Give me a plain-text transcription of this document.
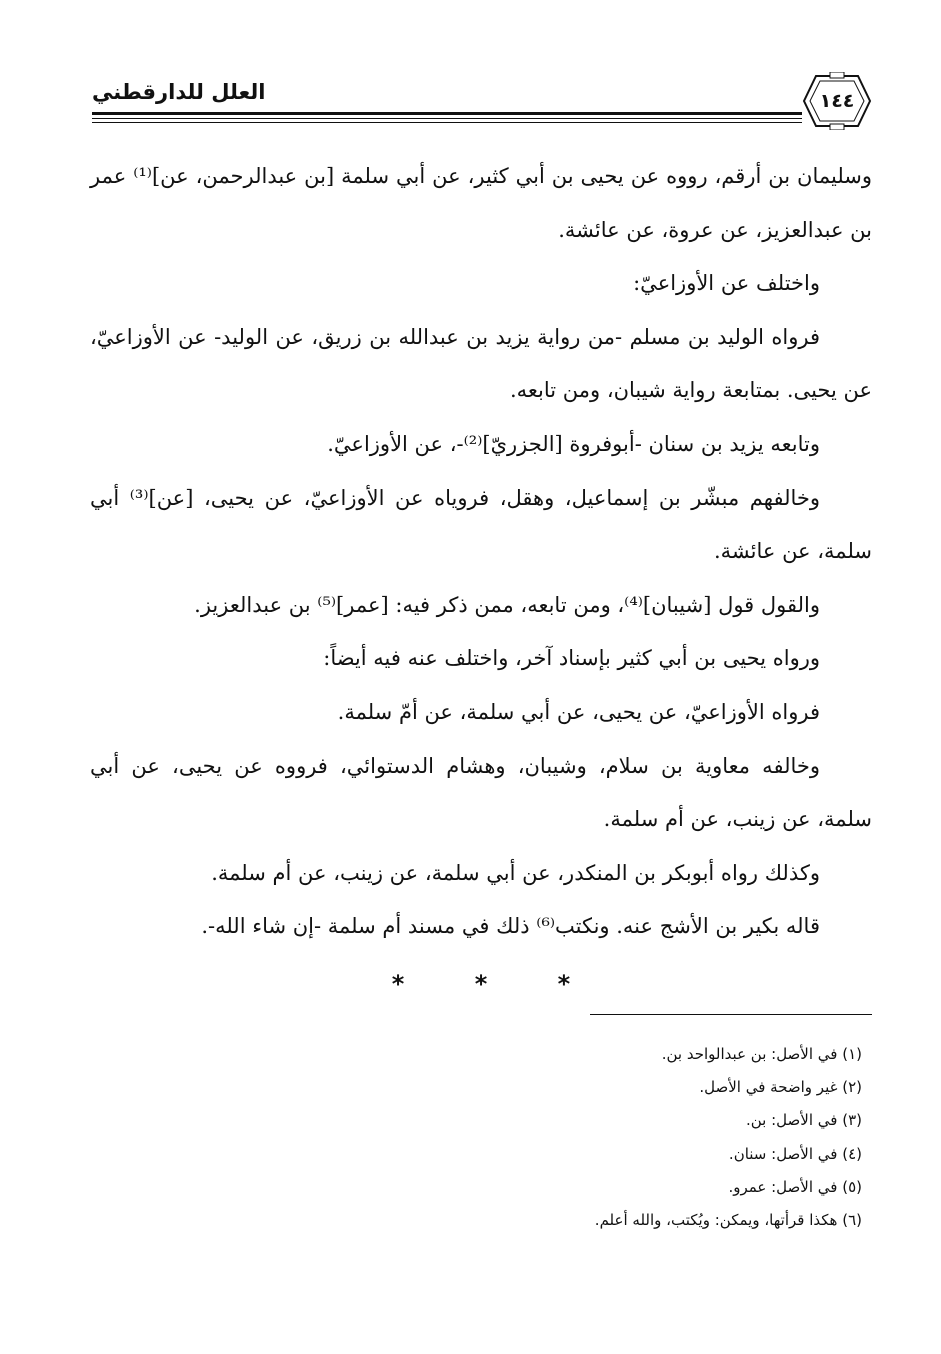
١٤٤
العلل للدارقطني

وسليمان بن أرقم، رووه عن يحيى بن أبي كثير، عن أبي سلمة [بن عبدالرحمن، عن]⁽¹⁾ عمر بن عبدالعزيز، عن عروة، عن عائشة.

واختلف عن الأوزاعيّ:

فرواه الوليد بن مسلم -من رواية يزيد بن عبدالله بن زريق، عن الوليد- عن الأوزاعيّ، عن يحيى. بمتابعة رواية شيبان، ومن تابعه.

وتابعه يزيد بن سنان -أبوفروة [الجزريّ]⁽²⁾-، عن الأوزاعيّ.

وخالفهم مبشّر بن إسماعيل، وهقل، فروياه عن الأوزاعيّ، عن يحيى، [عن]⁽³⁾ أبي سلمة، عن عائشة.

والقول قول [شيبان]⁽⁴⁾، ومن تابعه، ممن ذكر فيه: [عمر]⁽⁵⁾ بن عبدالعزيز.

ورواه يحيى بن أبي كثير بإسناد آخر، واختلف عنه فيه أيضاً:

فرواه الأوزاعيّ، عن يحيى، عن أبي سلمة، عن أمّ سلمة.

وخالفه معاوية بن سلام، وشيبان، وهشام الدستوائي، فرووه عن يحيى، عن أبي سلمة، عن زينب، عن أم سلمة.

وكذلك رواه أبوبكر بن المنكدر، عن أبي سلمة، عن زينب، عن أم سلمة.

قاله بكير بن الأشج عنه. ونكتب⁽⁶⁾ ذلك في مسند أم سلمة -إن شاء الله-.

*	*	*
(١) في الأصل: بن عبدالواحد بن.
(٢) غير واضحة في الأصل.
(٣) في الأصل: بن.
(٤) في الأصل: سنان.
(٥) في الأصل: عمرو.
(٦) هكذا قرأتها، ويمكن: ويُكتب، والله أعلم.
